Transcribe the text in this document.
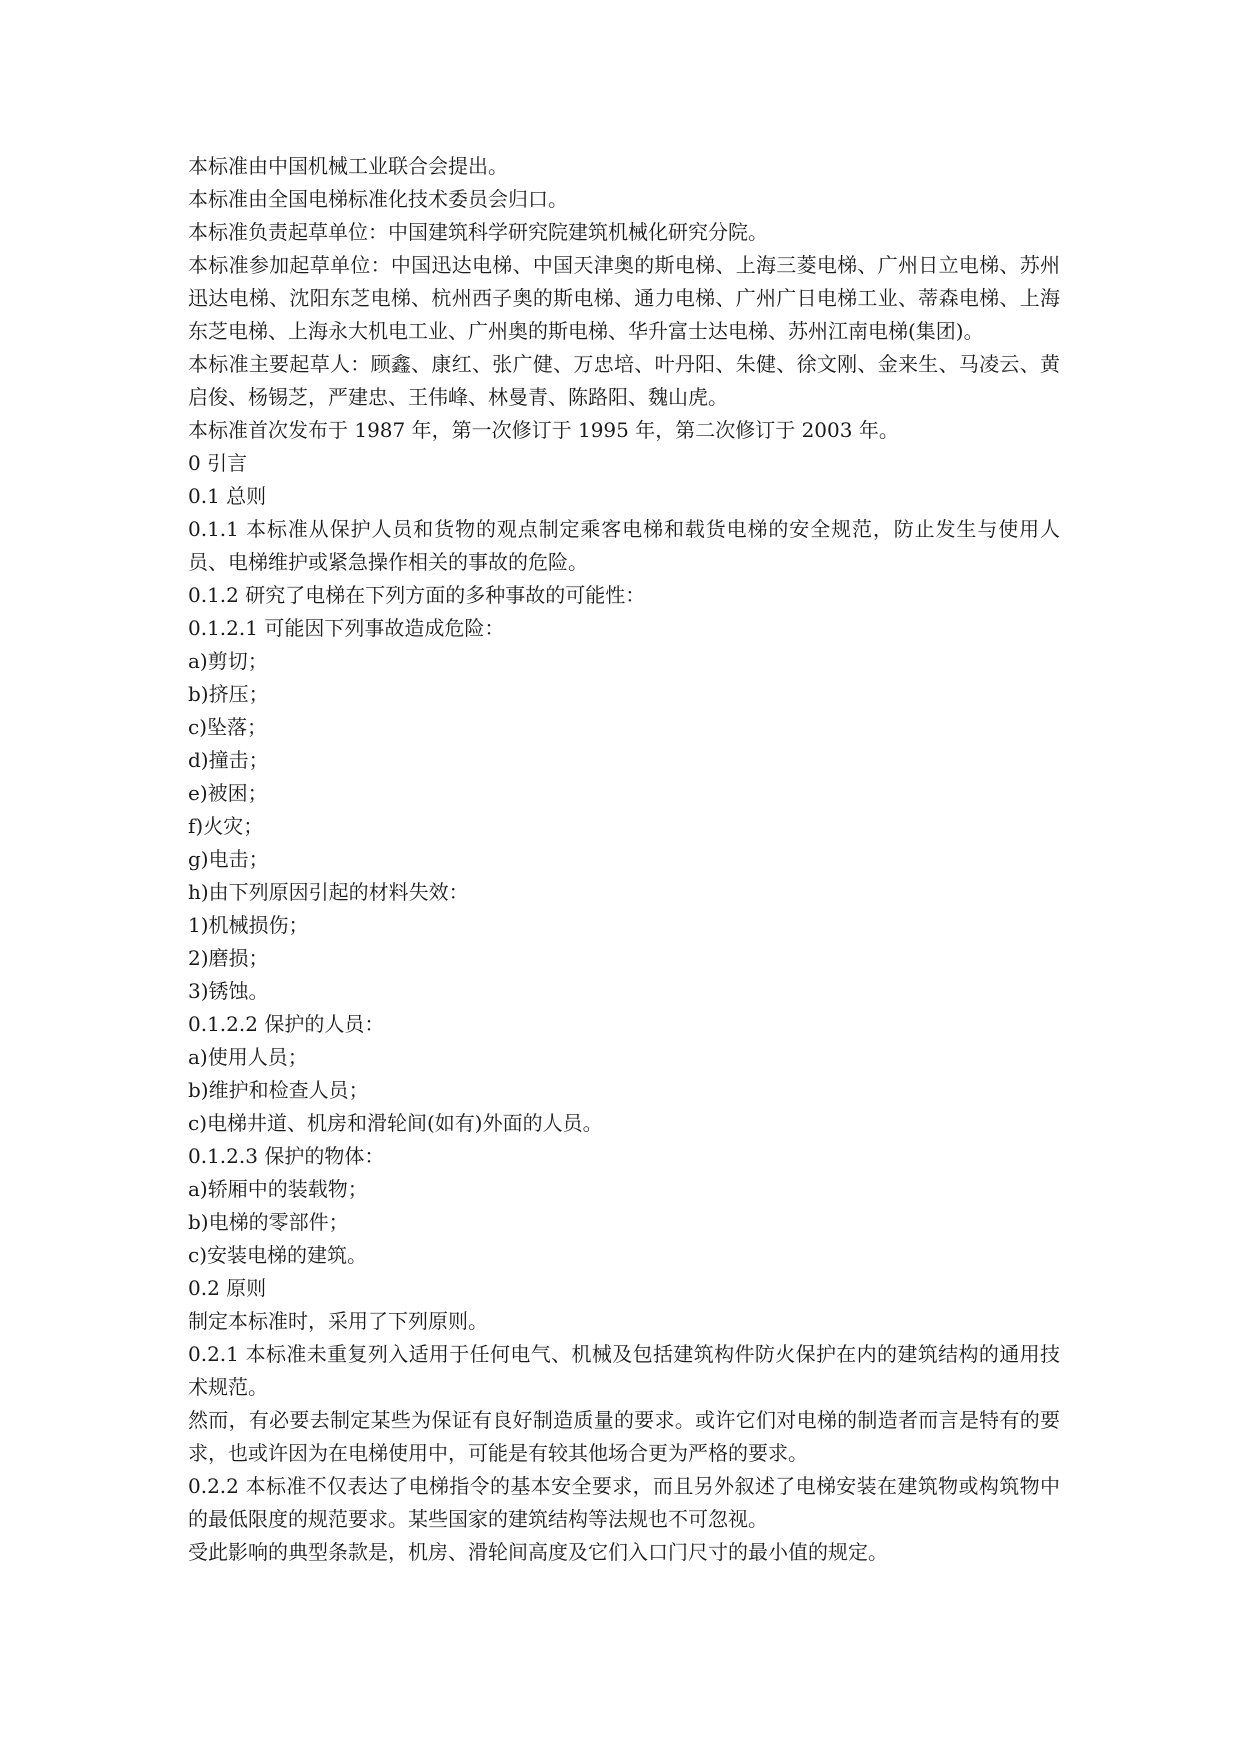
本标准由中国机械工业联合会提出。

本标准由全国电梯标准化技术委员会归口。

本标准负责起草单位：中国建筑科学研究院建筑机械化研究分院。

本标准参加起草单位：中国迅达电梯、中国天津奥的斯电梯、上海三菱电梯、广州日立电梯、苏州迅达电梯、沈阳东芝电梯、杭州西子奥的斯电梯、通力电梯、广州广日电梯工业、蒂森电梯、上海东芝电梯、上海永大机电工业、广州奥的斯电梯、华升富士达电梯、苏州江南电梯(集团)。

本标准主要起草人：顾鑫、康红、张广健、万忠培、叶丹阳、朱健、徐文刚、金来生、马凌云、黄启俊、杨锡芝，严建忠、王伟峰、林曼青、陈路阳、魏山虎。

本标准首次发布于 1987 年，第一次修订于 1995 年，第二次修订于 2003 年。

0 引言

0.1 总则

0.1.1 本标准从保护人员和货物的观点制定乘客电梯和载货电梯的安全规范，防止发生与使用人员、电梯维护或紧急操作相关的事故的危险。

0.1.2 研究了电梯在下列方面的多种事故的可能性：

0.1.2.1 可能因下列事故造成危险：

a)剪切；

b)挤压；

c)坠落；

d)撞击；

e)被困；

f)火灾；

g)电击；

h)由下列原因引起的材料失效：

1)机械损伤；

2)磨损；

3)锈蚀。

0.1.2.2 保护的人员：

a)使用人员；

b)维护和检查人员；

c)电梯井道、机房和滑轮间(如有)外面的人员。

0.1.2.3 保护的物体：

a)轿厢中的装载物；

b)电梯的零部件；

c)安装电梯的建筑。

0.2 原则

制定本标准时，采用了下列原则。

0.2.1 本标准未重复列入适用于任何电气、机械及包括建筑构件防火保护在内的建筑结构的通用技术规范。

然而，有必要去制定某些为保证有良好制造质量的要求。或许它们对电梯的制造者而言是特有的要求，也或许因为在电梯使用中，可能是有较其他场合更为严格的要求。

0.2.2 本标准不仅表达了电梯指令的基本安全要求，而且另外叙述了电梯安装在建筑物或构筑物中的最低限度的规范要求。某些国家的建筑结构等法规也不可忽视。

受此影响的典型条款是，机房、滑轮间高度及它们入口门尺寸的最小值的规定。
